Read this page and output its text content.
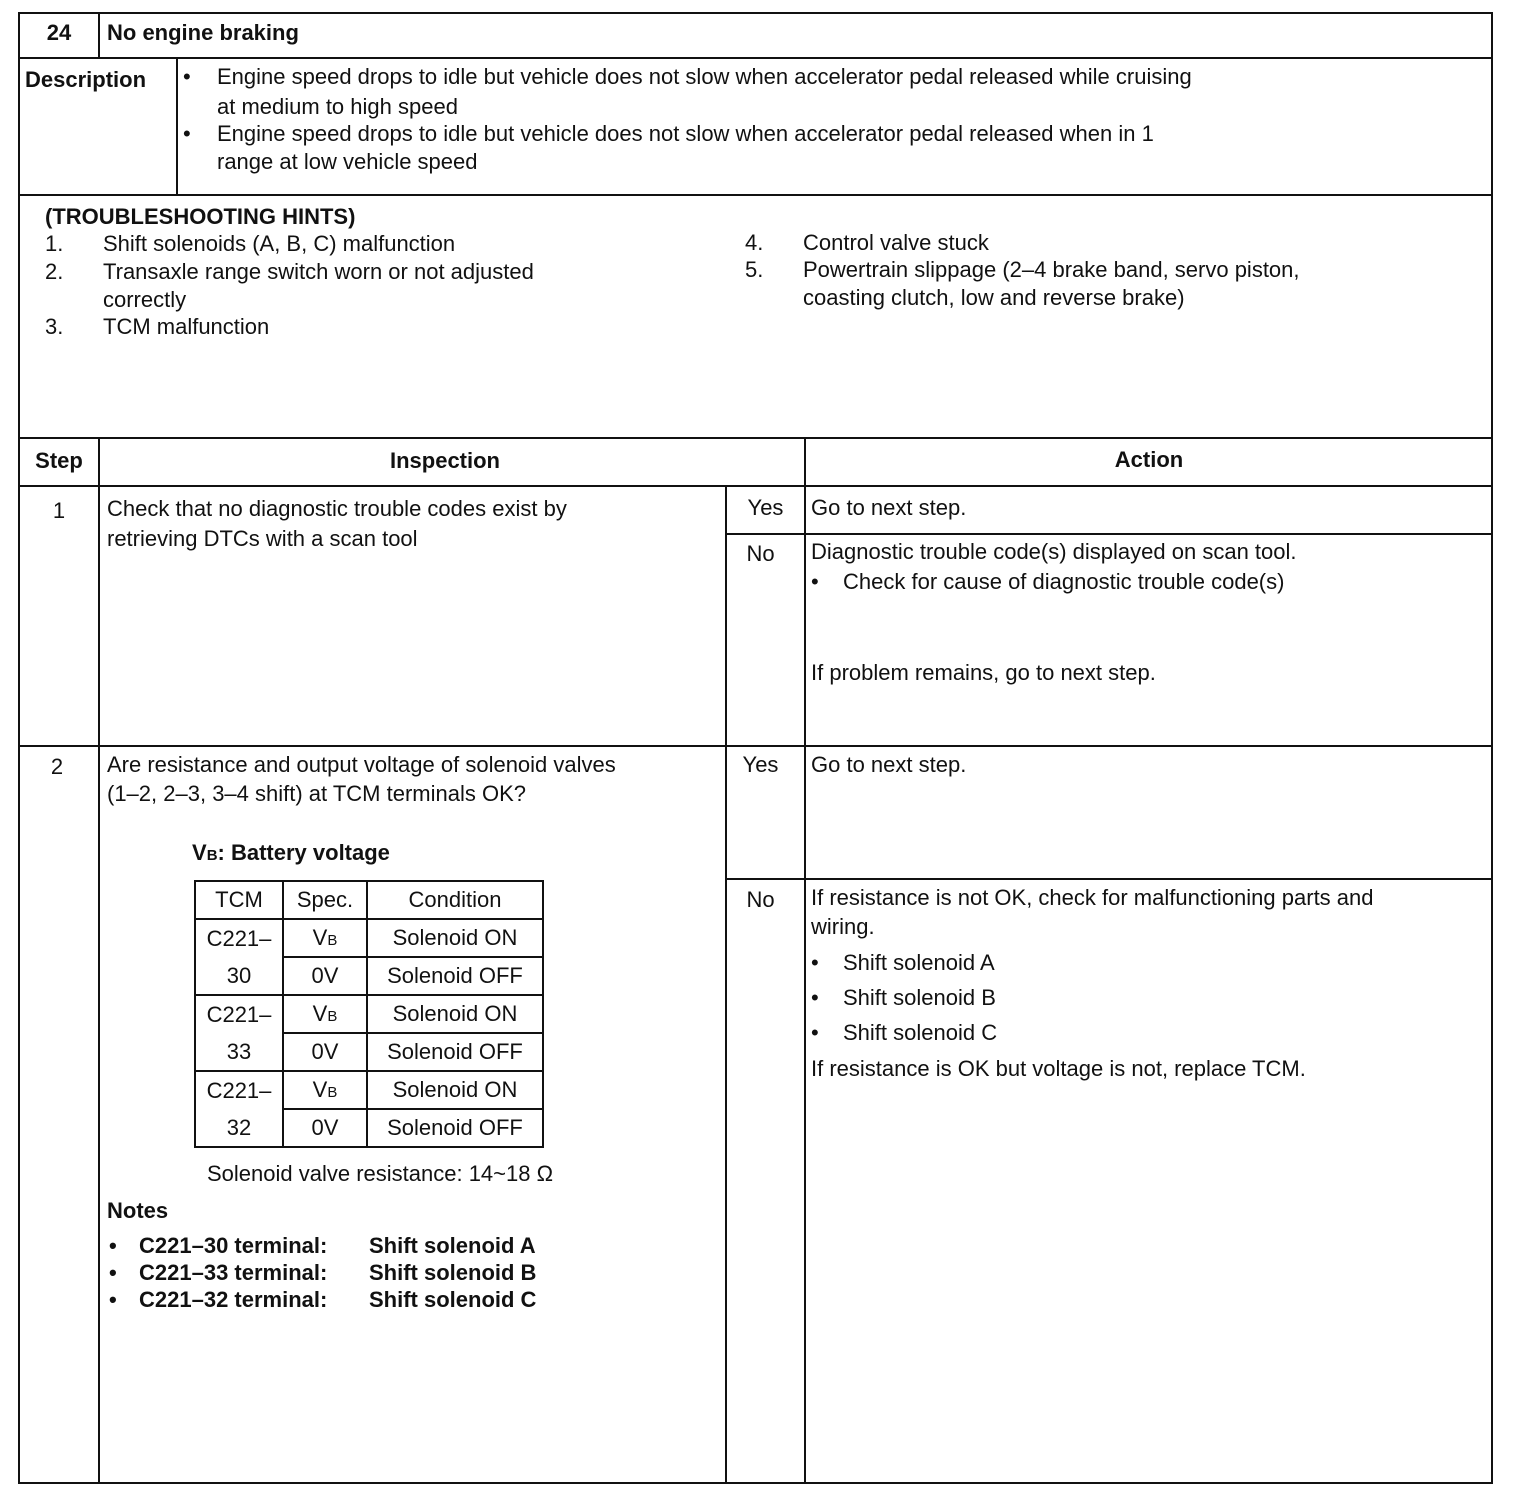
24	No engine braking
Description • Engine speed drops to idle but vehicle does not slow when accelerator pedal released while cruising
at medium to high speed
• Engine speed drops to idle but vehicle does not slow when accelerator pedal released when in 1
range at low vehicle speed
(TROUBLESHOOTING HINTS)
1. Shift solenoids (A, B, C) malfunction
2. Transaxle range switch worn or not adjusted
correctly
3. TCM malfunction
4. Control valve stuck
5. Powertrain slippage (2–4 brake band, servo piston,
coasting clutch, low and reverse brake)
Step	Inspection	Action
1	Check that no diagnostic trouble codes exist by
retrieving DTCs with a scan tool
Yes	Go to next step.
No	Diagnostic trouble code(s) displayed on scan tool.
• Check for cause of diagnostic trouble code(s)
If problem remains, go to next step.
2	Are resistance and output voltage of solenoid valves
(1–2, 2–3, 3–4 shift) at TCM terminals OK?
VB: Battery voltage
TCM	Spec.	Condition
C221–	VB	Solenoid ON
30	0V	Solenoid OFF
C221–	VB	Solenoid ON
33	0V	Solenoid OFF
C221–	VB	Solenoid ON
32	0V	Solenoid OFF
Solenoid valve resistance: 14~18 Ω
Notes
• C221–30 terminal: Shift solenoid A
• C221–33 terminal: Shift solenoid B
• C221–32 terminal: Shift solenoid C
Yes	Go to next step.
No	If resistance is not OK, check for malfunctioning parts and
wiring.
• Shift solenoid A
• Shift solenoid B
• Shift solenoid C
If resistance is OK but voltage is not, replace TCM.
